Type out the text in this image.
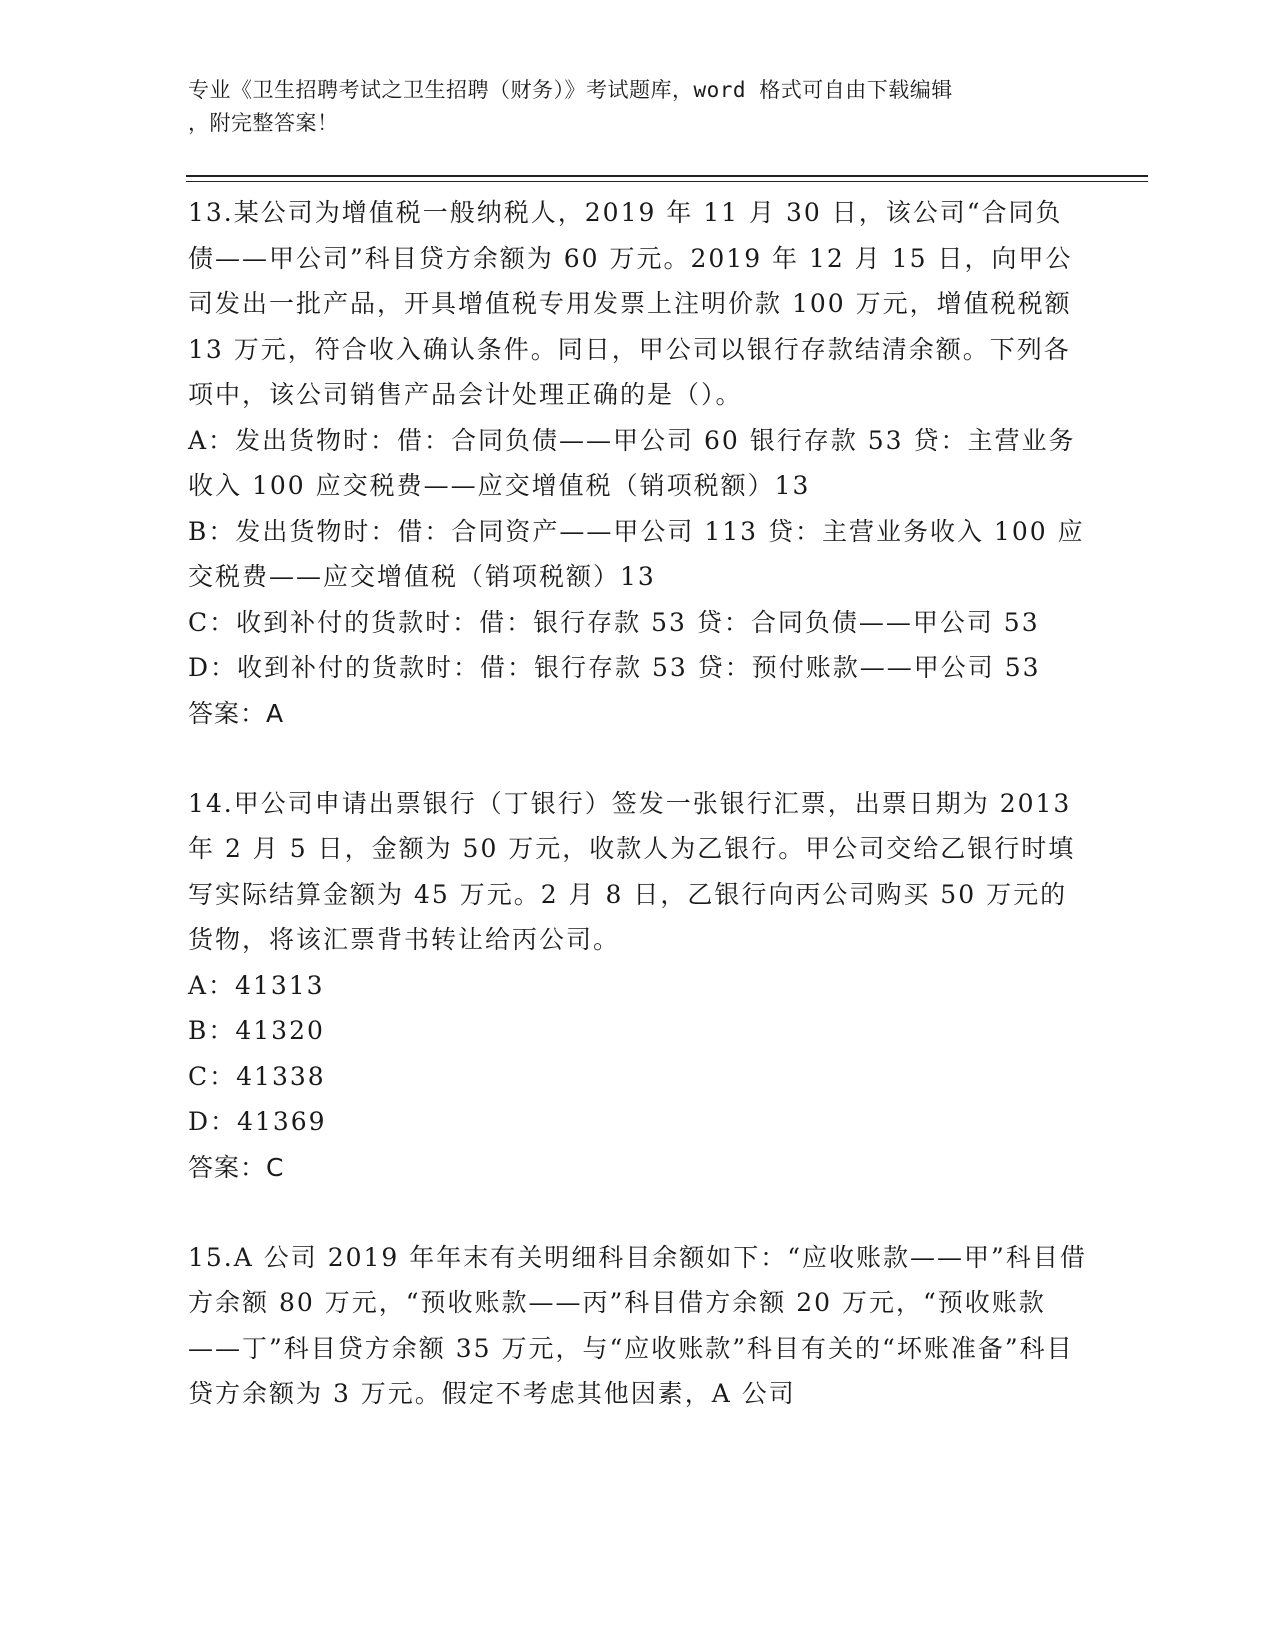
专业《卫生招聘考试之卫生招聘（财务）》考试题库，word 格式可自由下载编辑
，附完整答案！

13.某公司为增值税一般纳税人，2019 年 11 月 30 日，该公司“合同负债——甲公司”科目贷方余额为 60 万元。2019 年 12 月 15 日，向甲公司发出一批产品，开具增值税专用发票上注明价款 100 万元，增值税税额 13 万元，符合收入确认条件。同日，甲公司以银行存款结清余额。下列各项中，该公司销售产品会计处理正确的是（）。

A：发出货物时：借：合同负债——甲公司 60 银行存款 53 贷：主营业务收入 100 应交税费——应交增值税（销项税额）13

B：发出货物时：借：合同资产——甲公司 113 贷：主营业务收入 100 应交税费——应交增值税（销项税额）13

C：收到补付的货款时：借：银行存款 53 贷：合同负债——甲公司 53

D：收到补付的货款时：借：银行存款 53 贷：预付账款——甲公司 53

答案：A

14.甲公司申请出票银行（丁银行）签发一张银行汇票，出票日期为 2013 年 2 月 5 日，金额为 50 万元，收款人为乙银行。甲公司交给乙银行时填写实际结算金额为 45 万元。2 月 8 日，乙银行向丙公司购买 50 万元的货物，将该汇票背书转让给丙公司。

A：41313

B：41320

C：41338

D：41369

答案：C

15.A 公司 2019 年年末有关明细科目余额如下：“应收账款——甲”科目借方余额 80 万元，“预收账款——丙”科目借方余额 20 万元，“预收账款——丁”科目贷方余额 35 万元，与“应收账款”科目有关的“坏账准备”科目贷方余额为 3 万元。假定不考虑其他因素，A 公司
